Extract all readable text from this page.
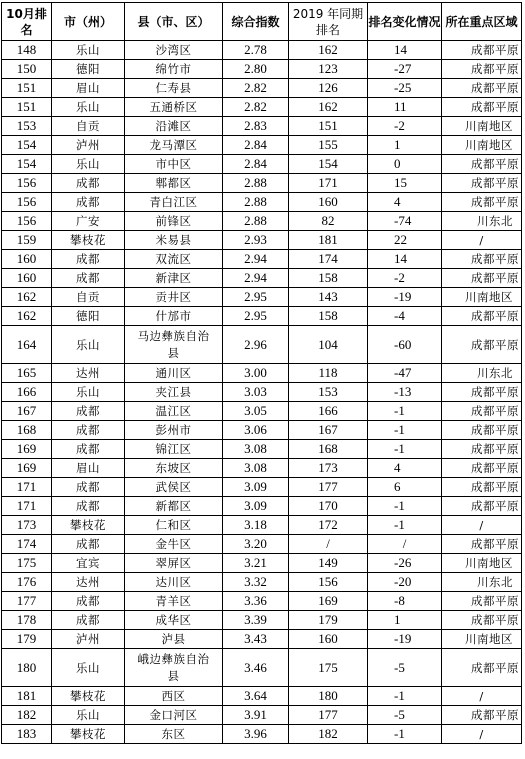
10月排名	市（州）	县（市、区）	综合指数	2019 年同期排名	排名变化情况	所在重点区域
148	乐山	沙湾区	2.78	162	14	成都平原
150	德阳	绵竹市	2.80	123	-27	成都平原
151	眉山	仁寿县	2.82	126	-25	成都平原
151	乐山	五通桥区	2.82	162	11	成都平原
153	自贡	沿滩区	2.83	151	-2	川南地区
154	泸州	龙马潭区	2.84	155	1	川南地区
154	乐山	市中区	2.84	154	0	成都平原
156	成都	郫都区	2.88	171	15	成都平原
156	成都	青白江区	2.88	160	4	成都平原
156	广安	前锋区	2.88	82	-74	川东北
159	攀枝花	米易县	2.93	181	22	/
160	成都	双流区	2.94	174	14	成都平原
160	成都	新津区	2.94	158	-2	成都平原
162	自贡	贡井区	2.95	143	-19	川南地区
162	德阳	什邡市	2.95	158	-4	成都平原
164	乐山	马边彝族自治县	2.96	104	-60	成都平原
165	达州	通川区	3.00	118	-47	川东北
166	乐山	夹江县	3.03	153	-13	成都平原
167	成都	温江区	3.05	166	-1	成都平原
168	成都	彭州市	3.06	167	-1	成都平原
169	成都	锦江区	3.08	168	-1	成都平原
169	眉山	东坡区	3.08	173	4	成都平原
171	成都	武侯区	3.09	177	6	成都平原
171	成都	新都区	3.09	170	-1	成都平原
173	攀枝花	仁和区	3.18	172	-1	/
174	成都	金牛区	3.20	/	/	成都平原
175	宜宾	翠屏区	3.21	149	-26	川南地区
176	达州	达川区	3.32	156	-20	川东北
177	成都	青羊区	3.36	169	-8	成都平原
178	成都	成华区	3.39	179	1	成都平原
179	泸州	泸县	3.43	160	-19	川南地区
180	乐山	峨边彝族自治县	3.46	175	-5	成都平原
181	攀枝花	西区	3.64	180	-1	/
182	乐山	金口河区	3.91	177	-5	成都平原
183	攀枝花	东区	3.96	182	-1	/
